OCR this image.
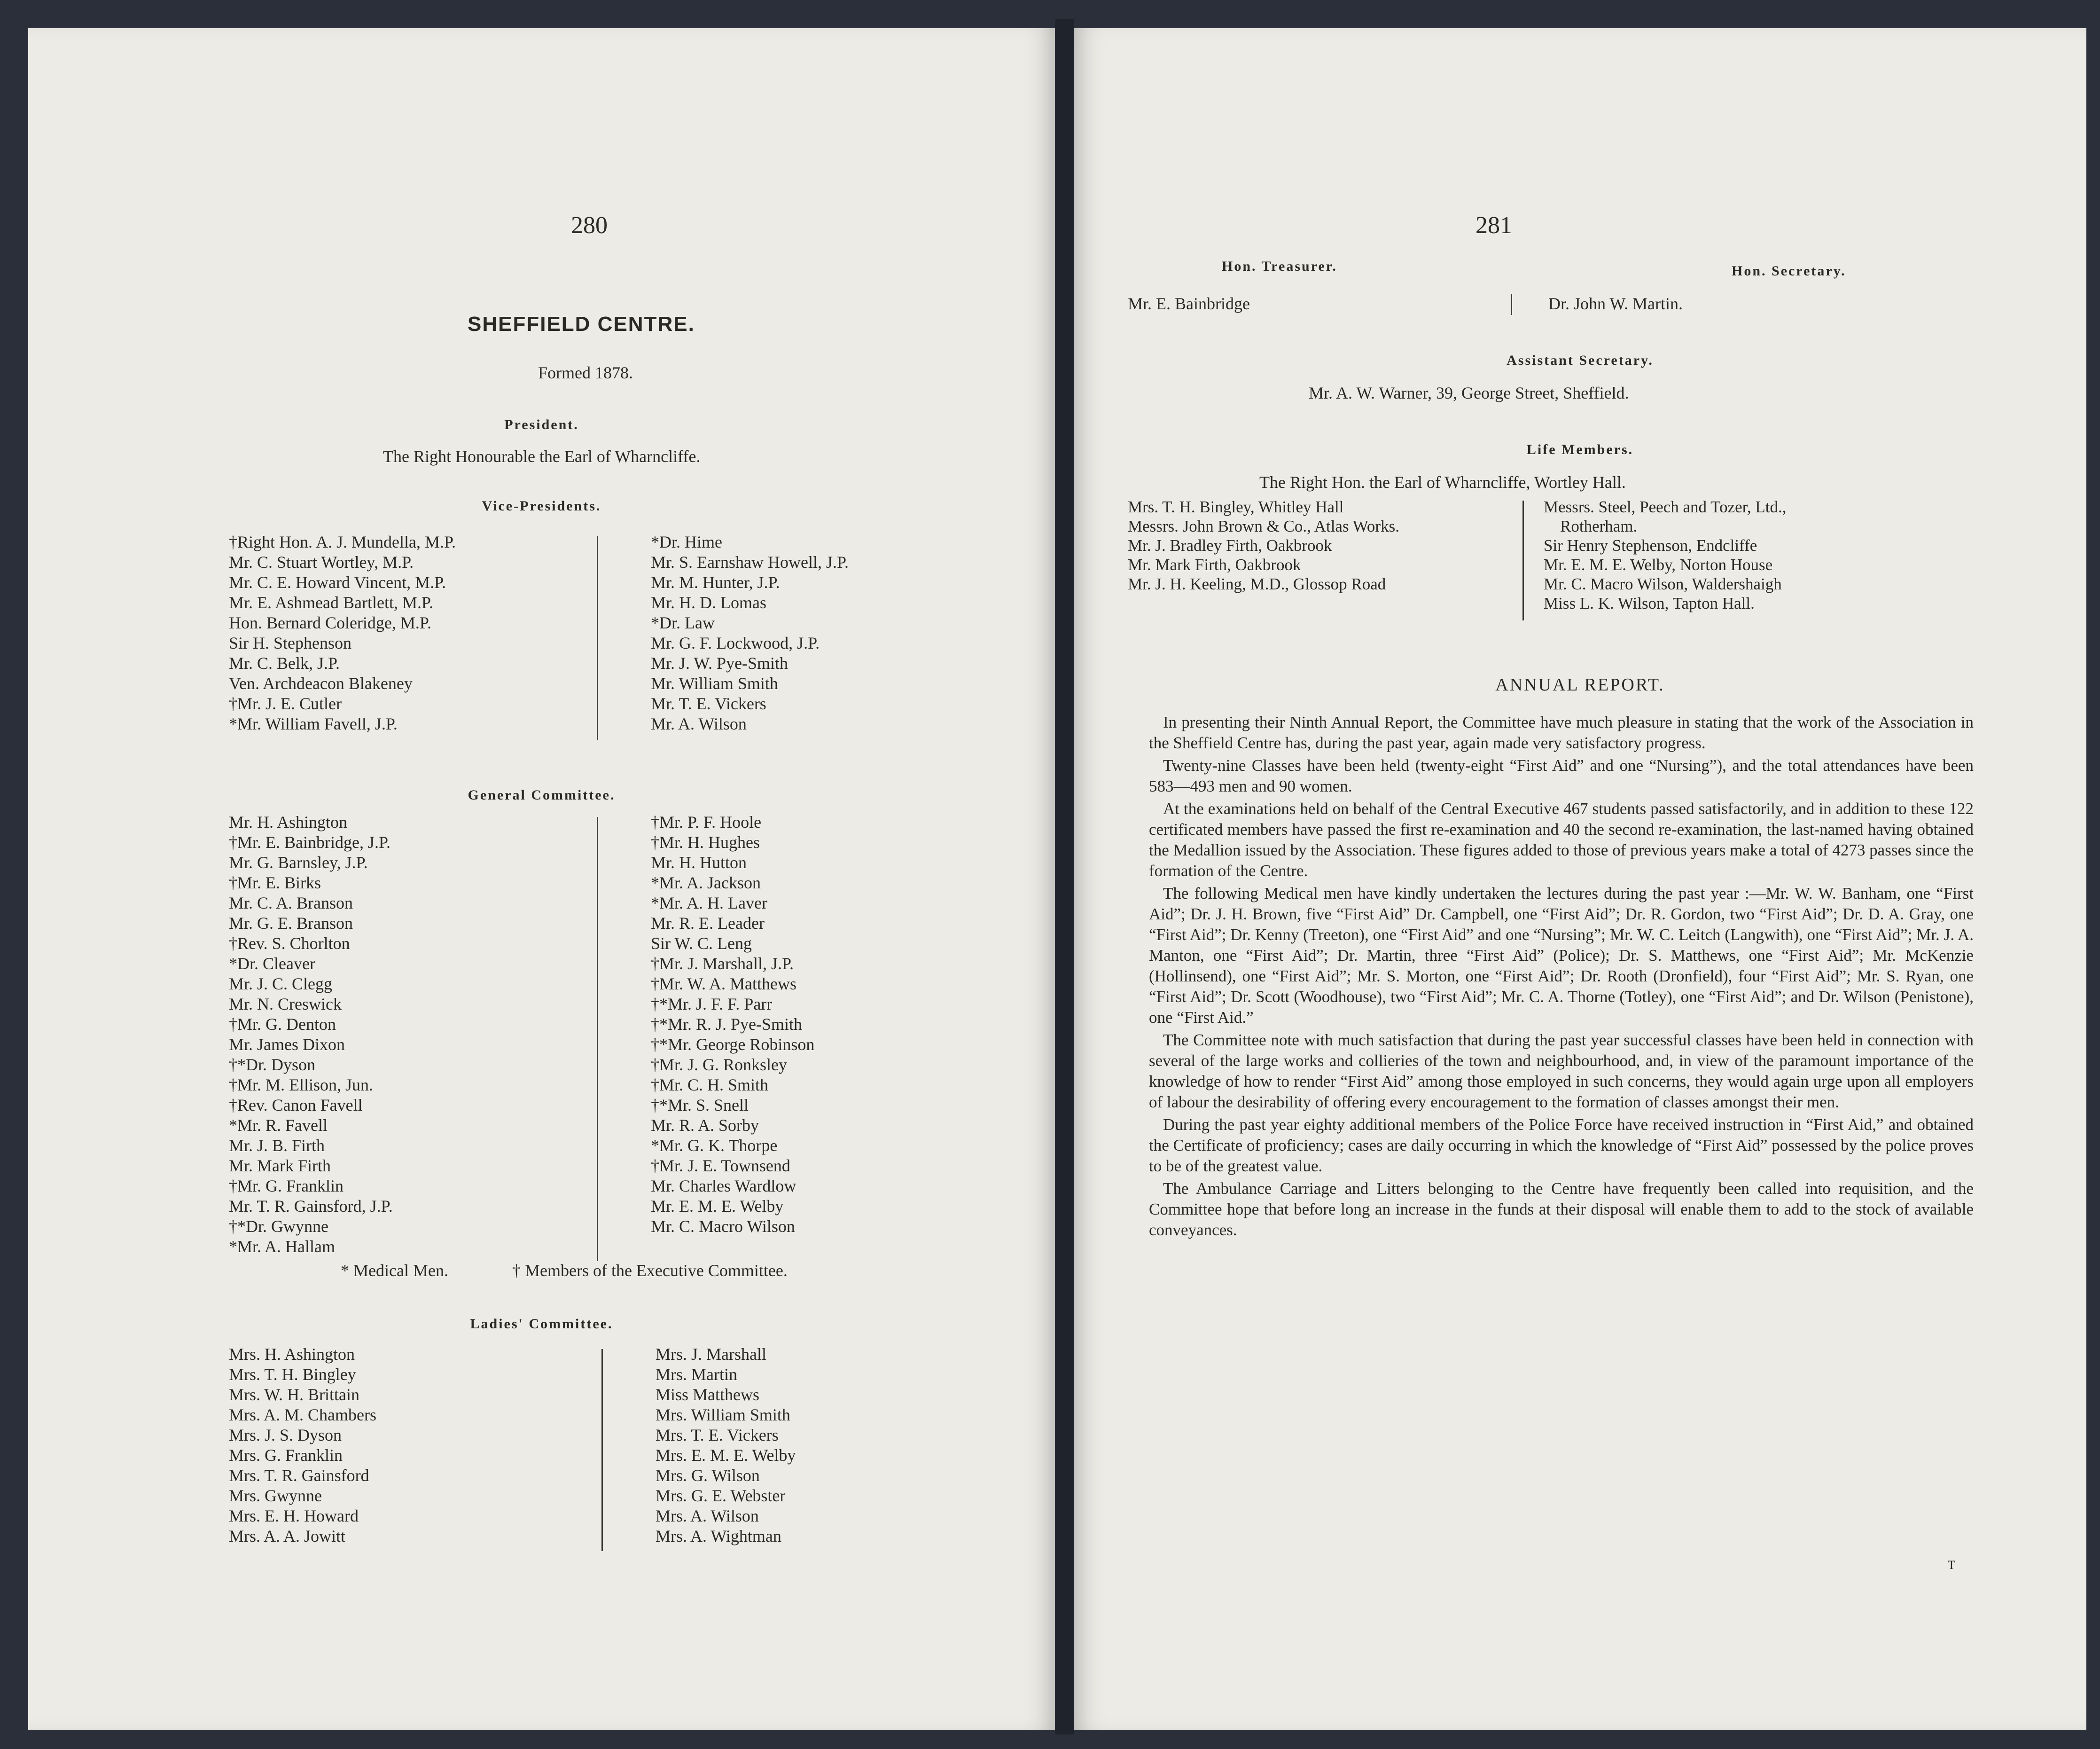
280
SHEFFIELD CENTRE.
Formed 1878.
President.
The Right Honourable the Earl of Wharncliffe.
Vice-Presidents.
†Right Hon. A. J. Mundella, M.P.
Mr. C. Stuart Wortley, M.P.
Mr. C. E. Howard Vincent, M.P.
Mr. E. Ashmead Bartlett, M.P.
Hon. Bernard Coleridge, M.P.
Sir H. Stephenson
Mr. C. Belk, J.P.
Ven. Archdeacon Blakeney
†Mr. J. E. Cutler
*Mr. William Favell, J.P.
*Dr. Hime
Mr. S. Earnshaw Howell, J.P.
Mr. M. Hunter, J.P.
Mr. H. D. Lomas
*Dr. Law
Mr. G. F. Lockwood, J.P.
Mr. J. W. Pye-Smith
Mr. William Smith
Mr. T. E. Vickers
Mr. A. Wilson
General Committee.
Mr. H. Ashington
†Mr. E. Bainbridge, J.P.
Mr. G. Barnsley, J.P.
†Mr. E. Birks
Mr. C. A. Branson
Mr. G. E. Branson
†Rev. S. Chorlton
*Dr. Cleaver
Mr. J. C. Clegg
Mr. N. Creswick
†Mr. G. Denton
Mr. James Dixon
†*Dr. Dyson
†Mr. M. Ellison, Jun.
†Rev. Canon Favell
*Mr. R. Favell
Mr. J. B. Firth
Mr. Mark Firth
†Mr. G. Franklin
Mr. T. R. Gainsford, J.P.
†*Dr. Gwynne
*Mr. A. Hallam
†Mr. P. F. Hoole
†Mr. H. Hughes
Mr. H. Hutton
*Mr. A. Jackson
*Mr. A. H. Laver
Mr. R. E. Leader
Sir W. C. Leng
†Mr. J. Marshall, J.P.
†Mr. W. A. Matthews
†*Mr. J. F. F. Parr
†*Mr. R. J. Pye-Smith
†*Mr. George Robinson
†Mr. J. G. Ronksley
†Mr. C. H. Smith
†*Mr. S. Snell
Mr. R. A. Sorby
*Mr. G. K. Thorpe
†Mr. J. E. Townsend
Mr. Charles Wardlow
Mr. E. M. E. Welby
Mr. C. Macro Wilson
* Medical Men.	† Members of the Executive Committee.
Ladies' Committee.
Mrs. H. Ashington
Mrs. T. H. Bingley
Mrs. W. H. Brittain
Mrs. A. M. Chambers
Mrs. J. S. Dyson
Mrs. G. Franklin
Mrs. T. R. Gainsford
Mrs. Gwynne
Mrs. E. H. Howard
Mrs. A. A. Jowitt
Mrs. J. Marshall
Mrs. Martin
Miss Matthews
Mrs. William Smith
Mrs. T. E. Vickers
Mrs. E. M. E. Welby
Mrs. G. Wilson
Mrs. G. E. Webster
Mrs. A. Wilson
Mrs. A. Wightman
281
Hon. Treasurer.
Mr. E. Bainbridge
Hon. Secretary.
Dr. John W. Martin.
Assistant Secretary.
Mr. A. W. Warner, 39, George Street, Sheffield.
Life Members.
The Right Hon. the Earl of Wharncliffe, Wortley Hall.
Mrs. T. H. Bingley, Whitley Hall
Messrs. John Brown & Co., Atlas Works.
Mr. J. Bradley Firth, Oakbrook
Mr. Mark Firth, Oakbrook
Mr. J. H. Keeling, M.D., Glossop Road
Messrs. Steel, Peech and Tozer, Ltd.,
Rotherham.
Sir Henry Stephenson, Endcliffe
Mr. E. M. E. Welby, Norton House
Mr. C. Macro Wilson, Waldershaigh
Miss L. K. Wilson, Tapton Hall.
ANNUAL REPORT.

In presenting their Ninth Annual Report, the Committee have much pleasure in stating that the work of the Association in the Sheffield Centre has, during the past year, again made very satisfactory progress.

Twenty-nine Classes have been held (twenty-eight “First Aid” and one “Nursing”), and the total attendances have been 583—493 men and 90 women.

At the examinations held on behalf of the Central Executive 467 students passed satisfactorily, and in addition to these 122 certificated members have passed the first re-examination and 40 the second re-examination, the last-named having obtained the Medallion issued by the Association. These figures added to those of previous years make a total of 4273 passes since the formation of the Centre.

The following Medical men have kindly undertaken the lectures during the past year :—Mr. W. W. Banham, one “First Aid”; Dr. J. H. Brown, five “First Aid” Dr. Campbell, one “First Aid”; Dr. R. Gordon, two “First Aid”; Dr. D. A. Gray, one “First Aid”; Dr. Kenny (Treeton), one “First Aid” and one “Nursing”; Mr. W. C. Leitch (Langwith), one “First Aid”; Mr. J. A. Manton, one “First Aid”; Dr. Martin, three “First Aid” (Police); Dr. S. Matthews, one “First Aid”; Mr. McKenzie (Hollinsend), one “First Aid”; Mr. S. Morton, one “First Aid”; Dr. Rooth (Dronfield), four “First Aid”; Mr. S. Ryan, one “First Aid”; Dr. Scott (Woodhouse), two “First Aid”; Mr. C. A. Thorne (Totley), one “First Aid”; and Dr. Wilson (Penistone), one “First Aid.”

The Committee note with much satisfaction that during the past year successful classes have been held in connection with several of the large works and collieries of the town and neighbourhood, and, in view of the paramount importance of the knowledge of how to render “First Aid” among those employed in such concerns, they would again urge upon all employers of labour the desirability of offering every encouragement to the formation of classes amongst their men.

During the past year eighty additional members of the Police Force have received instruction in “First Aid,” and obtained the Certificate of proficiency; cases are daily occurring in which the knowledge of “First Aid” possessed by the police proves to be of the greatest value.

The Ambulance Carriage and Litters belonging to the Centre have frequently been called into requisition, and the Committee hope that before long an increase in the funds at their disposal will enable them to add to the stock of available conveyances.

T
